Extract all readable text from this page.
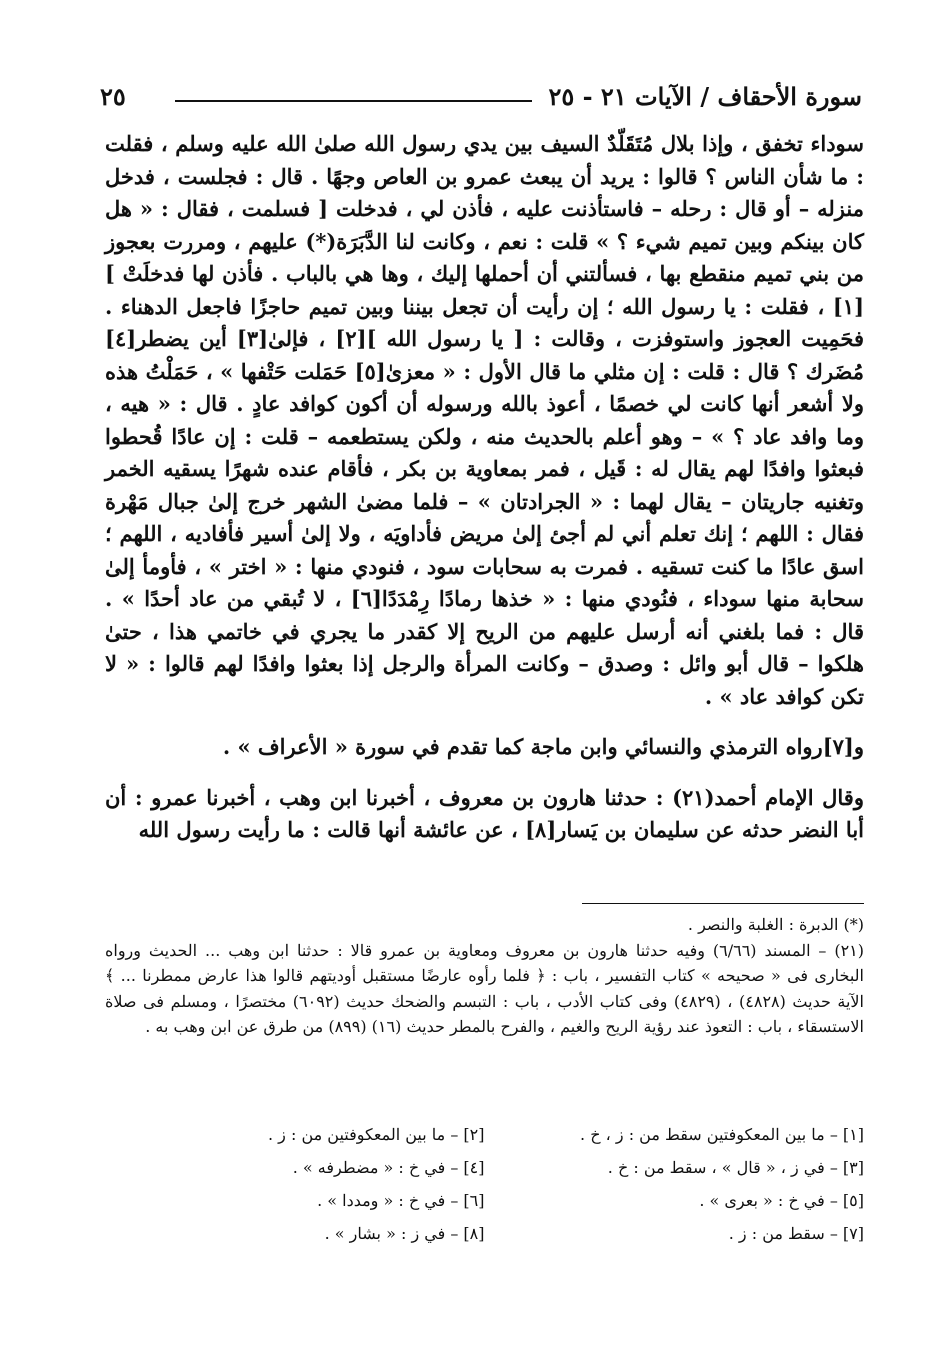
سورة الأحقاف / الآيات ٢١ - ٢٥
٢٥

سوداء تخفق ، وإذا بلال مُتَقَلّدٌ السيف بين يدي رسول الله صلىٰ الله عليه وسلم ، فقلت : ما شأن الناس ؟ قالوا : يريد أن يبعث عمرو بن العاص وجهًا . قال : فجلست ، فدخل منزله – أو قال : رحله – فاستأذنت عليه ، فأذن لي ، فدخلت [ فسلمت ، فقال : « هل كان بينكم وبين تميم شيء ؟ » قلت : نعم ، وكانت لنا الدَّبَرَة(*) عليهم ، ومررت بعجوز من بني تميم منقطع بها ، فسألتني أن أحملها إليك ، وها هي بالباب . فأذن لها فدخلَتْ ][١] ، فقلت : يا رسول الله ؛ إن رأيت أن تجعل بيننا وبين تميم حاجزًا فاجعل الدهناء . فحَمِيت العجوز واستوفزت ، وقالت : [ يا رسول الله ][٢] ، فإلىٰ[٣] أين يضطر[٤] مُضَرك ؟ قال : قلت : إن مثلي ما قال الأول : « معزىٰ[٥] حَمَلت حَتْفها » ، حَمَلْتُ هذه ولا أشعر أنها كانت لي خصمًا ، أعوذ بالله ورسوله أن أكون كوافد عادٍ . قال : « هيه ، وما وافد عاد ؟ » – وهو أعلم بالحديث منه ، ولكن يستطعمه – قلت : إن عادًا قُحطوا فبعثوا وافدًا لهم يقال له : قَيل ، فمر بمعاوية بن بكر ، فأقام عنده شهرًا يسقيه الخمر وتغنيه جاريتان – يقال لهما : « الجرادتان » – فلما مضىٰ الشهر خرج إلىٰ جبال مَهْرة فقال : اللهم ؛ إنك تعلم أني لم أجئ إلىٰ مريض فأداويَه ، ولا إلىٰ أسير فأفاديه ، اللهم ؛ اسق عادًا ما كنت تسقيه . فمرت به سحابات سود ، فنودي منها : « اختر » ، فأومأ إلىٰ سحابة منها سوداء ، فنُودي منها : « خذها رمادًا رِمْدَدًا[٦] ، لا تُبقي من عاد أحدًا » . قال : فما بلغني أنه أرسل عليهم من الريح إلا كقدر ما يجري في خاتمي هذا ، حتىٰ هلكوا – قال أبو وائل : وصدق – وكانت المرأة والرجل إذا بعثوا وافدًا لهم قالوا : « لا تكن كوافد عاد » .

و[٧]رواه الترمذي والنسائي وابن ماجة كما تقدم في سورة « الأعراف » .

وقال الإمام أحمد(٢١) : حدثنا هارون بن معروف ، أخبرنا ابن وهب ، أخبرنا عمرو : أن أبا النضر حدثه عن سليمان بن يَسار[٨] ، عن عائشة أنها قالت : ما رأيت رسول الله

(*) الدبرة : الغلبة والنصر .

(٢١) – المسند (٦/٦٦) وفيه حدثنا هارون بن معروف ومعاوية بن عمرو قالا : حدثنا ابن وهب ... الحديث ورواه البخارى فى « صحيحه » كتاب التفسير ، باب : ﴿ فلما رأوه عارضًا مستقبل أوديتهم قالوا هذا عارض ممطرنا ... ﴾ الآية حديث (٤٨٢٨) ، (٤٨٢٩) وفى كتاب الأدب ، باب : التبسم والضحك حديث (٦٠٩٢) مختصرًا ، ومسلم فى صلاة الاستسقاء ، باب : التعوذ عند رؤية الريح والغيم ، والفرح بالمطر حديث (١٦) (٨٩٩) من طرق عن ابن وهب به .

[١] – ما بين المعكوفتين سقط من : ز ، خ .
[٢] – ما بين المعكوفتين من : ز .
[٣] – في ز ، « قال » ، سقط من : خ .
[٤] – في خ : « مضطرفه » .
[٥] – في خ : « بعرى » .
[٦] – في خ : « ومددا » .
[٧] – سقط من : ز .
[٨] – في ز : « بشار » .
